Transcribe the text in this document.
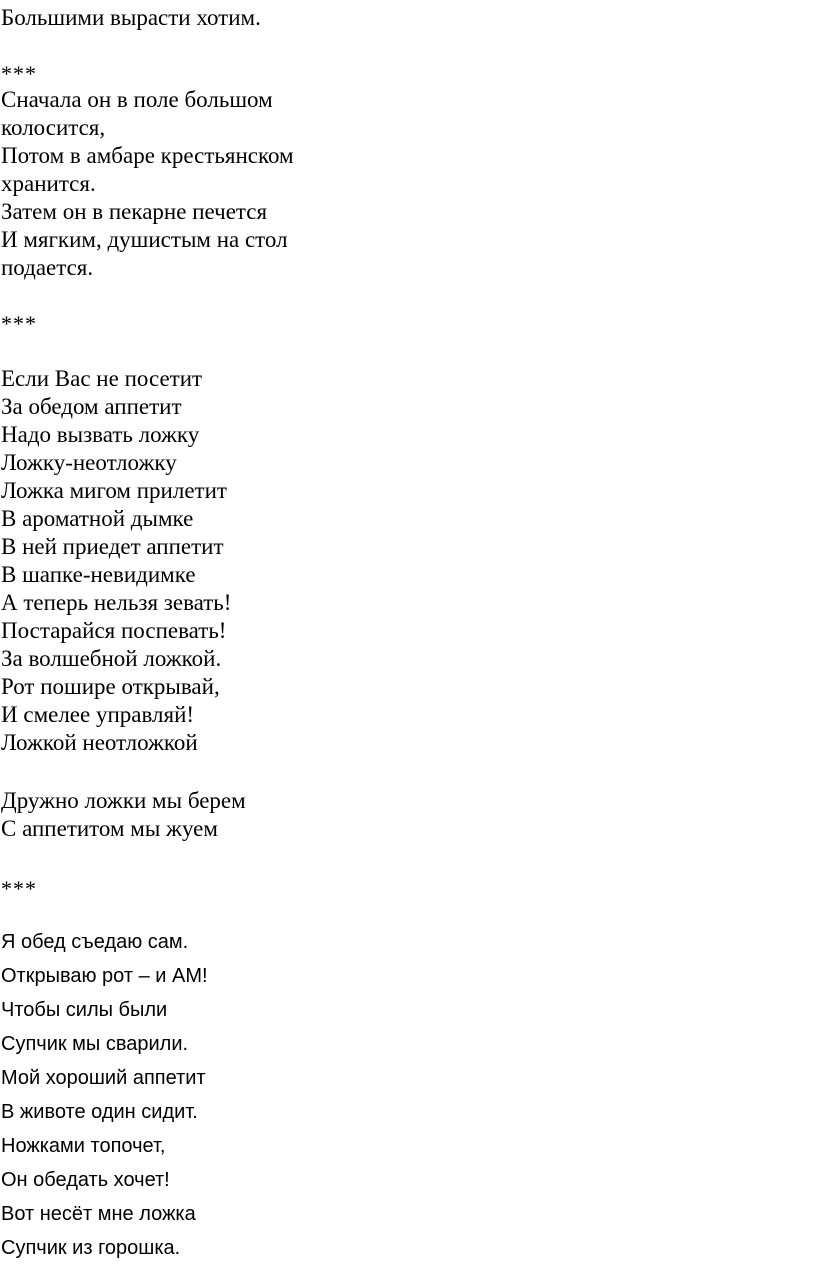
Большими вырасти хотим.
***
Сначала он в поле большом
колосится,
Потом в амбаре крестьянском
хранится.
Затем он в пекарне печется
И мягким, душистым на стол
подается.
***
Если Вас не посетит
За обедом аппетит
Надо вызвать ложку
Ложку-неотложку
Ложка мигом прилетит
В ароматной дымке
В ней приедет аппетит
В шапке-невидимке
А теперь нельзя зевать!
Постарайся поспевать!
За волшебной ложкой.
Рот пошире открывай,
И смелее управляй!
Ложкой неотложкой
Дружно ложки мы берем
С аппетитом мы жуем
***
Я обед съедаю сам.
Открываю рот – и АМ!
Чтобы силы были
Супчик мы сварили.
Мой хороший аппетит
В животе один сидит.
Ножками топочет,
Он обедать хочет!
Вот несёт мне ложка
Супчик из горошка.
